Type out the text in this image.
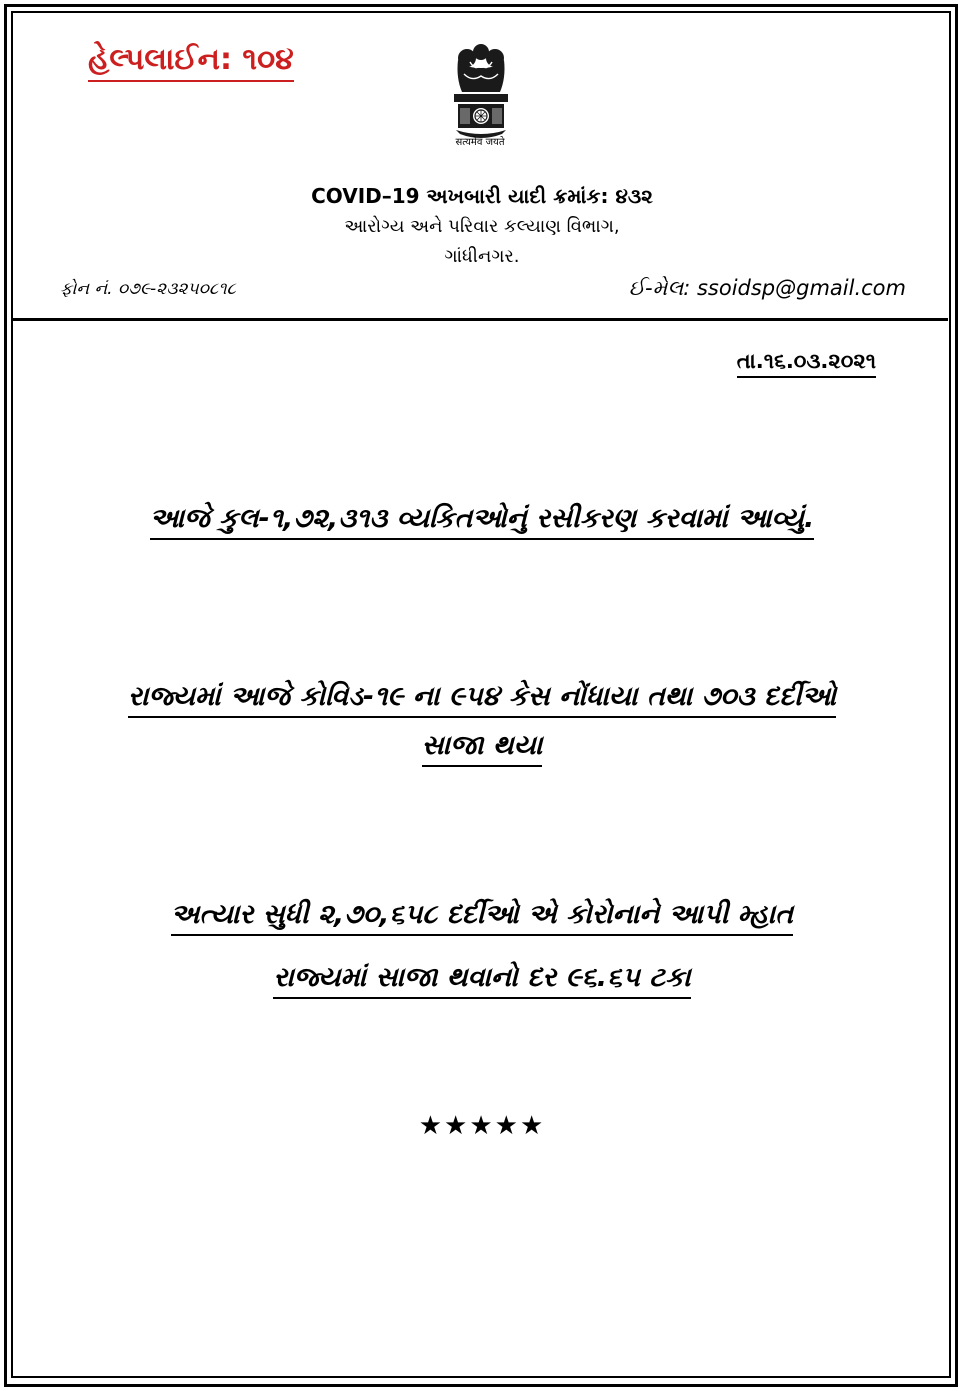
હેલ્પલાઈન: ૧૦૪
सत्यमेव जयते
COVID–19 અખબારી યાદી ક્રમાંક: ૪૩૨
આરોગ્ય અને પરિવાર કલ્યાણ વિભાગ,
ગાંધીનગર.
ફોન નં. ૦૭૯-૨૩૨૫૦૮૧૮	ઈ-મેલ: ssoidsp@gmail.com
તા.૧૬.૦૩.૨૦૨૧
આજે કુલ-૧,૭૨,૩૧૩ વ્યકિતઓનું રસીકરણ કરવામાં આવ્યું.
રાજ્યમાં આજે કોવિડ-૧૯ ના ૯૫૪ કેસ નોંધાયા તથા ૭૦૩ દર્દીઓ
સાજા થયા
અત્યાર સુધી ૨,૭૦,૬૫૮ દર્દીઓ એ કોરોનાને આપી મ્હાત
રાજ્યમાં સાજા થવાનો દર ૯૬.૬૫ ટકા
★★★★★
